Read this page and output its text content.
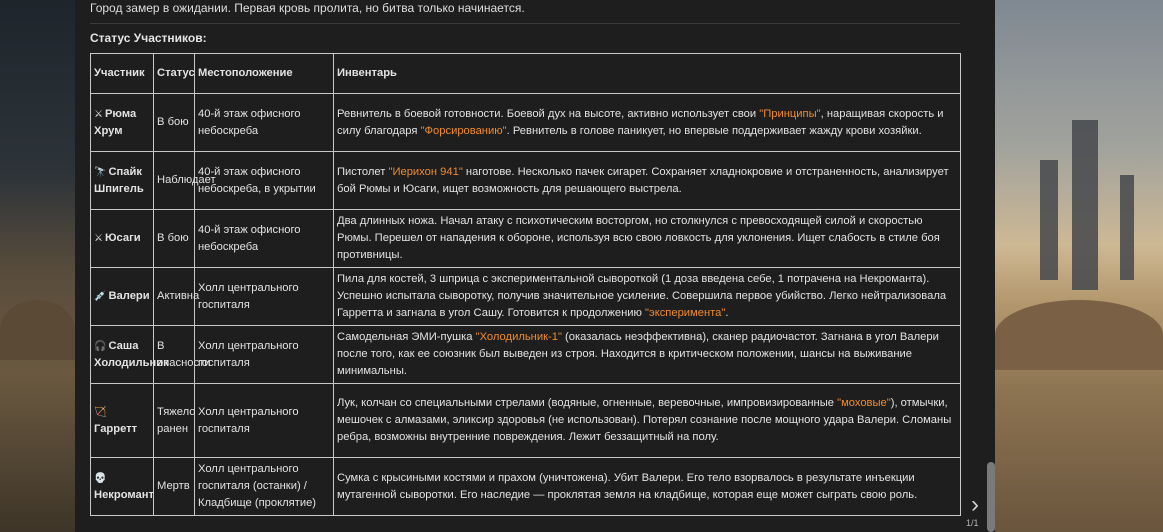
Город замер в ожидании. Первая кровь пролита, но битва только начинается.
Статус Участников:
Участник	Статус	Местоположение	Инвентарь
⚔ Рюма Хрум	В бою	40-й этаж офисного небоскреба	Ревнитель в боевой готовности. Боевой дух на высоте, активно использует свои "Принципы", наращивая скорость и силу благодаря "Форсированию". Ревнитель в голове паникует, но впервые поддерживает жажду крови хозяйки.
🔭 Спайк Шпигель	Наблюдает	40-й этаж офисного небоскреба, в укрытии	Пистолет "Иерихон 941" наготове. Несколько пачек сигарет. Сохраняет хладнокровие и отстраненность, анализирует бой Рюмы и Юсаги, ищет возможность для решающего выстрела.
⚔ Юсаги	В бою	40-й этаж офисного небоскреба	Два длинных ножа. Начал атаку с психотическим восторгом, но столкнулся с превосходящей силой и скоростью Рюмы. Перешел от нападения к обороне, используя всю свою ловкость для уклонения. Ищет слабость в стиле боя противницы.
💉 Валери	Активна	Холл центрального госпиталя	Пила для костей, 3 шприца с экспериментальной сывороткой (1 доза введена себе, 1 потрачена на Некроманта). Успешно испытала сыворотку, получив значительное усиление. Совершила первое убийство. Легко нейтрализовала Гарретта и загнала в угол Сашу. Готовится к продолжению "эксперимента".
🎧 Саша Холодильник	В опасности	Холл центрального госпиталя	Самодельная ЭМИ-пушка "Холодильник-1" (оказалась неэффективна), сканер радиочастот. Загнана в угол Валери после того, как ее союзник был выведен из строя. Находится в критическом положении, шансы на выживание минимальны.
🏹Гарретт	Тяжело ранен	Холл центрального госпиталя	Лук, колчан со специальными стрелами (водяные, огненные, веревочные, импровизированные "моховые"), отмычки, мешочек с алмазами, эликсир здоровья (не использован). Потерял сознание после мощного удара Валери. Сломаны ребра, возможны внутренние повреждения. Лежит беззащитный на полу.
💀Некромант	Мертв	Холл центрального госпиталя (останки) / Кладбище (проклятие)	Сумка с крысиными костями и прахом (уничтожена). Убит Валери. Его тело взорвалось в результате инъекции мутагенной сыворотки. Его наследие — проклятая земля на кладбище, которая еще может сыграть свою роль. ›
1/1
